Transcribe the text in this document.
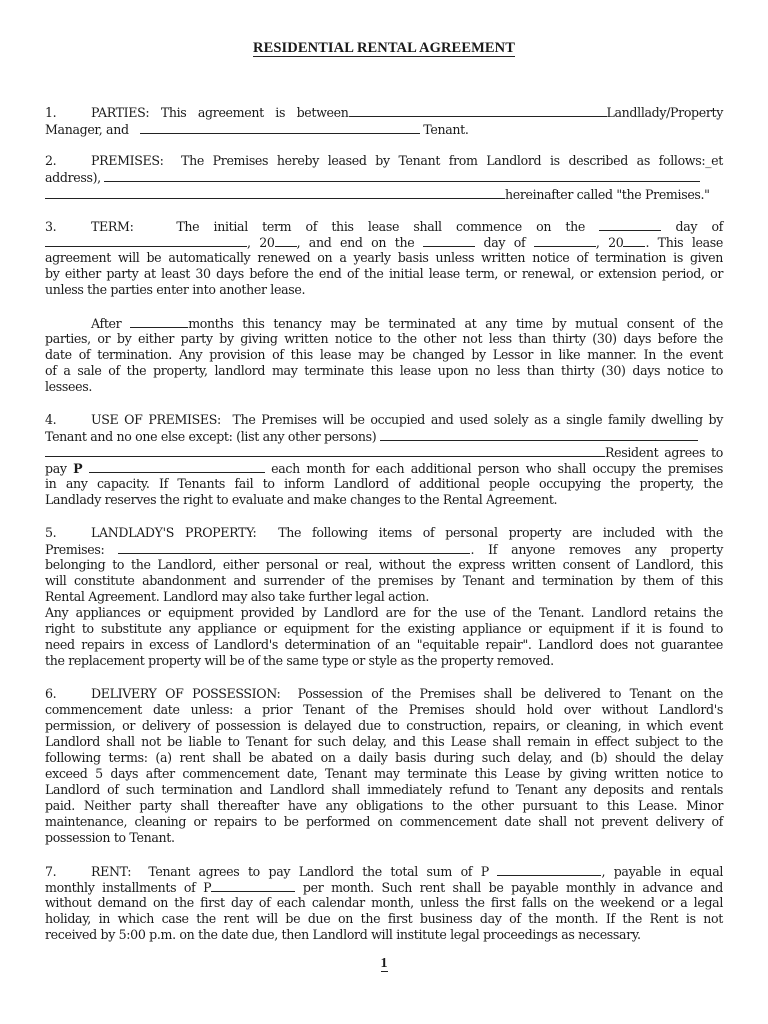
RESIDENTIAL RENTAL AGREEMENT
1.	PARTIES: This agreement is between	Landllady/Property
Manager, and	Tenant.
2.	PREMISES: The Premises hereby leased by Tenant from Landlord is described as follows:_et
address),
hereinafter called "the Premises."
3.	TERM:	The initial term of this lease shall commence on the	day of
, 20 , and end on the	day of	, 20 . This lease
agreement will be automatically renewed on a yearly basis unless written notice of termination is given
by either party at least 30 days before the end of the initial lease term, or renewal, or extension period, or
unless the parties enter into another lease.
After	months this tenancy may be terminated at any time by mutual consent of the
parties, or by either party by giving written notice to the other not less than thirty (30) days before the
date of termination. Any provision of this lease may be changed by Lessor in like manner. In the event
of a sale of the property, landlord may terminate this lease upon no less than thirty (30) days notice to
lessees.
4.	USE OF PREMISES: The Premises will be occupied and used solely as a single family dwelling by
Tenant and no one else except: (list any other persons)
Resident agrees to
pay P	each month for each additional person who shall occupy the premises
in any capacity. If Tenants fail to inform Landlord of additional people occupying the property, the
Landlady reserves the right to evaluate and make changes to the Rental Agreement.
5.	LANDLADY'S PROPERTY: The following items of personal property are included with the
Premises:	. If anyone removes any property
belonging to the Landlord, either personal or real, without the express written consent of Landlord, this
will constitute abandonment and surrender of the premises by Tenant and termination by them of this
Rental Agreement. Landlord may also take further legal action.
Any appliances or equipment provided by Landlord are for the use of the Tenant. Landlord retains the
right to substitute any appliance or equipment for the existing appliance or equipment if it is found to
need repairs in excess of Landlord's determination of an "equitable repair". Landlord does not guarantee
the replacement property will be of the same type or style as the property removed.
6.	DELIVERY OF POSSESSION: Possession of the Premises shall be delivered to Tenant on the
commencement date unless: a prior Tenant of the Premises should hold over without Landlord's
permission, or delivery of possession is delayed due to construction, repairs, or cleaning, in which event
Landlord shall not be liable to Tenant for such delay, and this Lease shall remain in effect subject to the
following terms: (a) rent shall be abated on a daily basis during such delay, and (b) should the delay
exceed 5 days after commencement date, Tenant may terminate this Lease by giving written notice to
Landlord of such termination and Landlord shall immediately refund to Tenant any deposits and rentals
paid. Neither party shall thereafter have any obligations to the other pursuant to this Lease. Minor
maintenance, cleaning or repairs to be performed on commencement date shall not prevent delivery of
possession to Tenant.
7.	RENT: Tenant agrees to pay Landlord the total sum of P	, payable in equal
monthly installments of P	per month. Such rent shall be payable monthly in advance and
without demand on the first day of each calendar month, unless the first falls on the weekend or a legal
holiday, in which case the rent will be due on the first business day of the month. If the Rent is not
received by 5:00 p.m. on the date due, then Landlord will institute legal proceedings as necessary.
1
